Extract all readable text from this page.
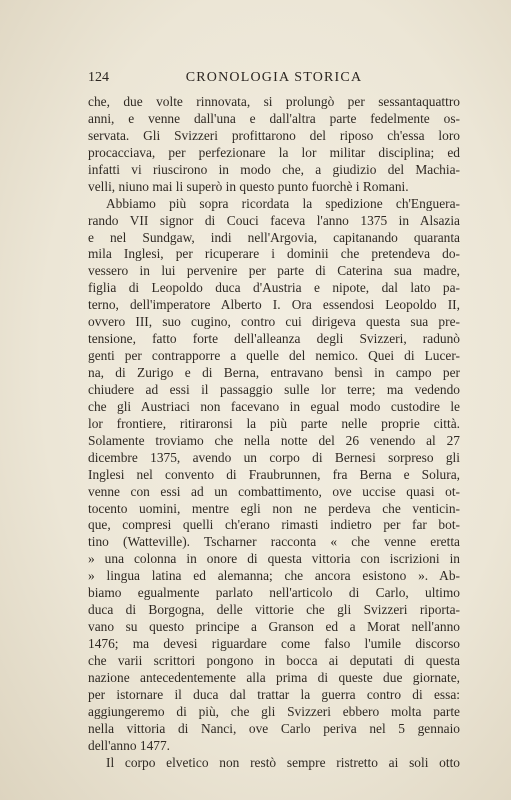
124	CRONOLOGIA STORICA
che, due volte rinnovata, si prolungò per sessantaquattro
anni, e venne dall'una e dall'altra parte fedelmente os-
servata. Gli Svizzeri profittarono del riposo ch'essa loro
procacciava, per perfezionare la lor militar disciplina; ed
infatti vi riuscirono in modo che, a giudizio del Machia-
velli, niuno mai li superò in questo punto fuorchè i Romani.
Abbiamo più sopra ricordata la spedizione ch'Enguera-
rando VII signor di Couci faceva l'anno 1375 in Alsazia
e nel Sundgaw, indi nell'Argovia, capitanando quaranta
mila Inglesi, per ricuperare i dominii che pretendeva do-
vessero in lui pervenire per parte di Caterina sua madre,
figlia di Leopoldo duca d'Austria e nipote, dal lato pa-
terno, dell'imperatore Alberto I. Ora essendosi Leopoldo II,
ovvero III, suo cugino, contro cui dirigeva questa sua pre-
tensione, fatto forte dell'alleanza degli Svizzeri, radunò
genti per contrapporre a quelle del nemico. Quei di Lucer-
na, di Zurigo e di Berna, entravano bensì in campo per
chiudere ad essi il passaggio sulle lor terre; ma vedendo
che gli Austriaci non facevano in egual modo custodire le
lor frontiere, ritiraronsi la più parte nelle proprie città.
Solamente troviamo che nella notte del 26 venendo al 27
dicembre 1375, avendo un corpo di Bernesi sorpreso gli
Inglesi nel convento di Fraubrunnen, fra Berna e Solura,
venne con essi ad un combattimento, ove uccise quasi ot-
tocento uomini, mentre egli non ne perdeva che venticin-
que, compresi quelli ch'erano rimasti indietro per far bot-
tino (Watteville). Tscharner racconta « che venne eretta
» una colonna in onore di questa vittoria con iscrizioni in
» lingua latina ed alemanna; che ancora esistono ». Ab-
biamo egualmente parlato nell'articolo di Carlo, ultimo
duca di Borgogna, delle vittorie che gli Svizzeri riporta-
vano su questo principe a Granson ed a Morat nell'anno
1476; ma devesi riguardare come falso l'umile discorso
che varii scrittori pongono in bocca ai deputati di questa
nazione antecedentemente alla prima di queste due giornate,
per istornare il duca dal trattar la guerra contro di essa:
aggiungeremo di più, che gli Svizzeri ebbero molta parte
nella vittoria di Nanci, ove Carlo periva nel 5 gennaio
dell'anno 1477.
Il corpo elvetico non restò sempre ristretto ai soli otto
